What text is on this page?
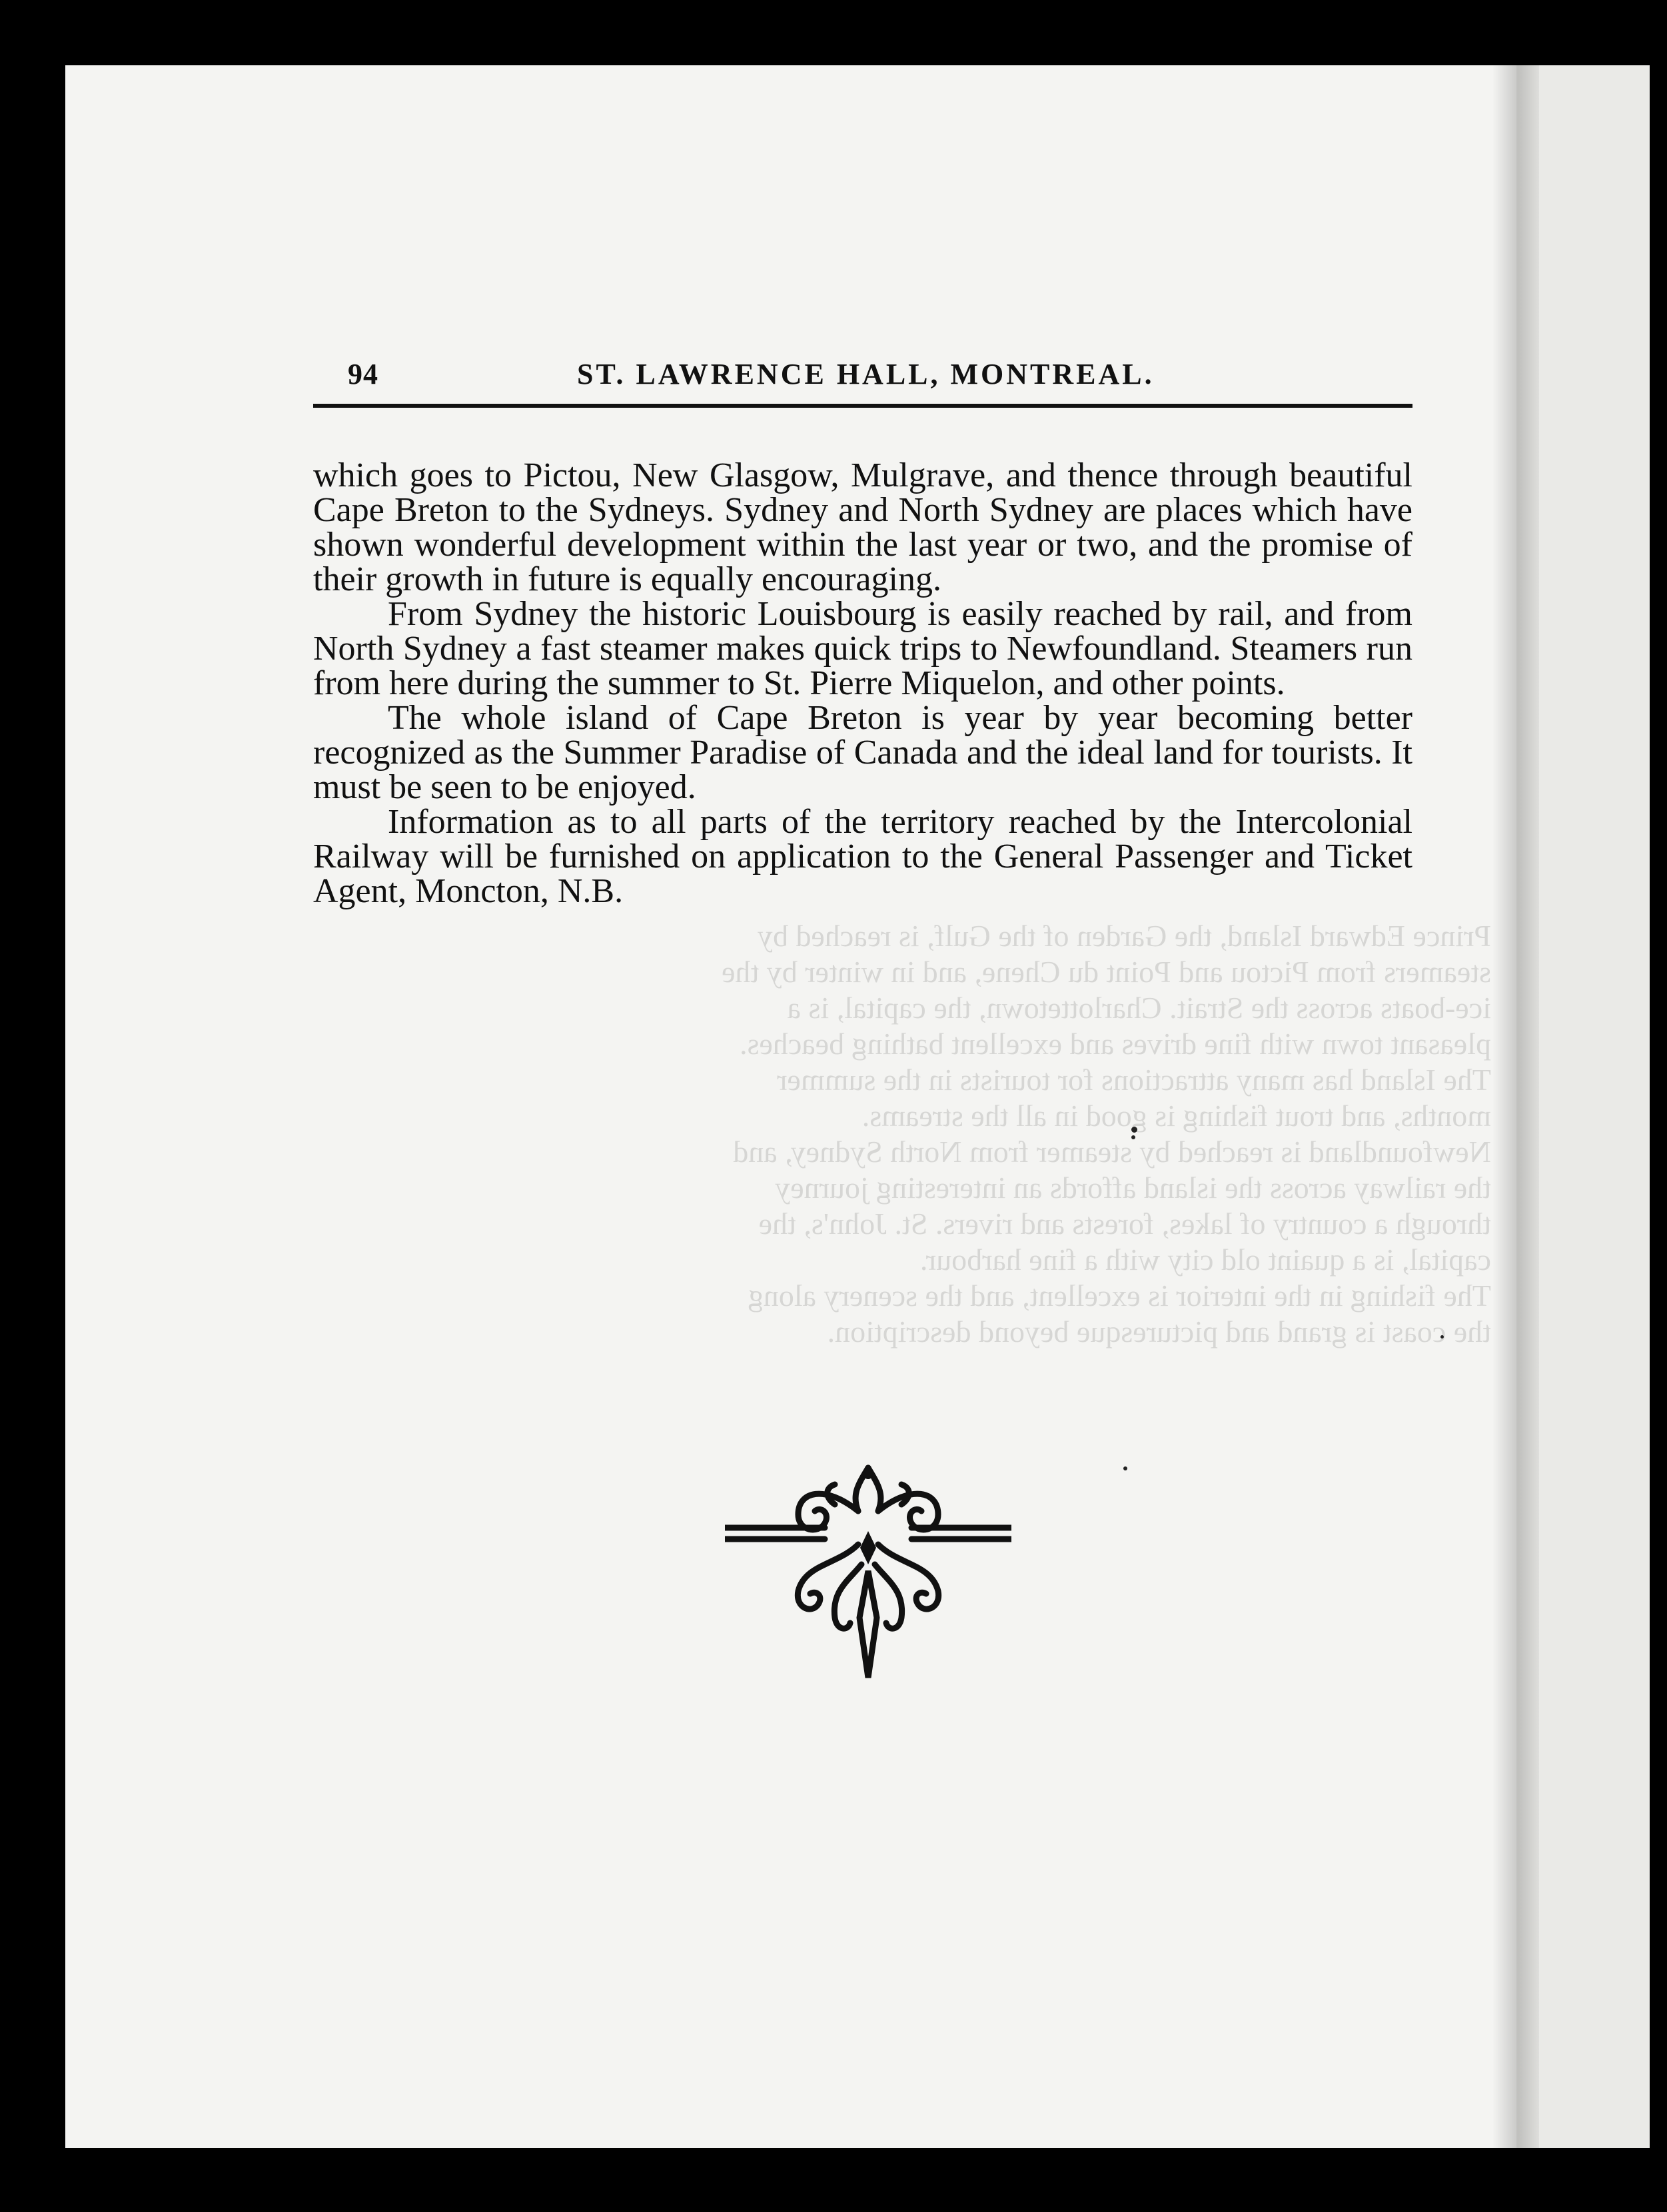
Prince Edward Island, the Garden of the Gulf, is reached by
steamers from Pictou and Point du Chene, and in winter by the
ice-boats across the Strait. Charlottetown, the capital, is a
pleasant town with fine drives and excellent bathing beaches.
The Island has many attractions for tourists in the summer
months, and trout fishing is good in all the streams.
Newfoundland is reached by steamer from North Sydney, and
the railway across the island affords an interesting journey
through a country of lakes, forests and rivers. St. John's, the
capital, is a quaint old city with a fine harbour.
The fishing in the interior is excellent, and the scenery along
the coast is grand and picturesque beyond description.
94	ST. LAWRENCE HALL, MONTREAL.

which goes to Pictou, New Glasgow, Mulgrave, and thence through beautiful Cape Breton to the Sydneys. Sydney and North Sydney are places which have shown wonderful development within the last year or two, and the promise of their growth in future is equally encouraging.

From Sydney the historic Louisbourg is easily reached by rail, and from North Sydney a fast steamer makes quick trips to Newfoundland. Steamers run from here during the summer to St. Pierre Miquelon, and other points.

The whole island of Cape Breton is year by year becoming better recognized as the Summer Paradise of Canada and the ideal land for tourists. It must be seen to be enjoyed.

Information as to all parts of the territory reached by the Intercolonial Railway will be furnished on application to the General Passenger and Ticket Agent, Moncton, N.B.
